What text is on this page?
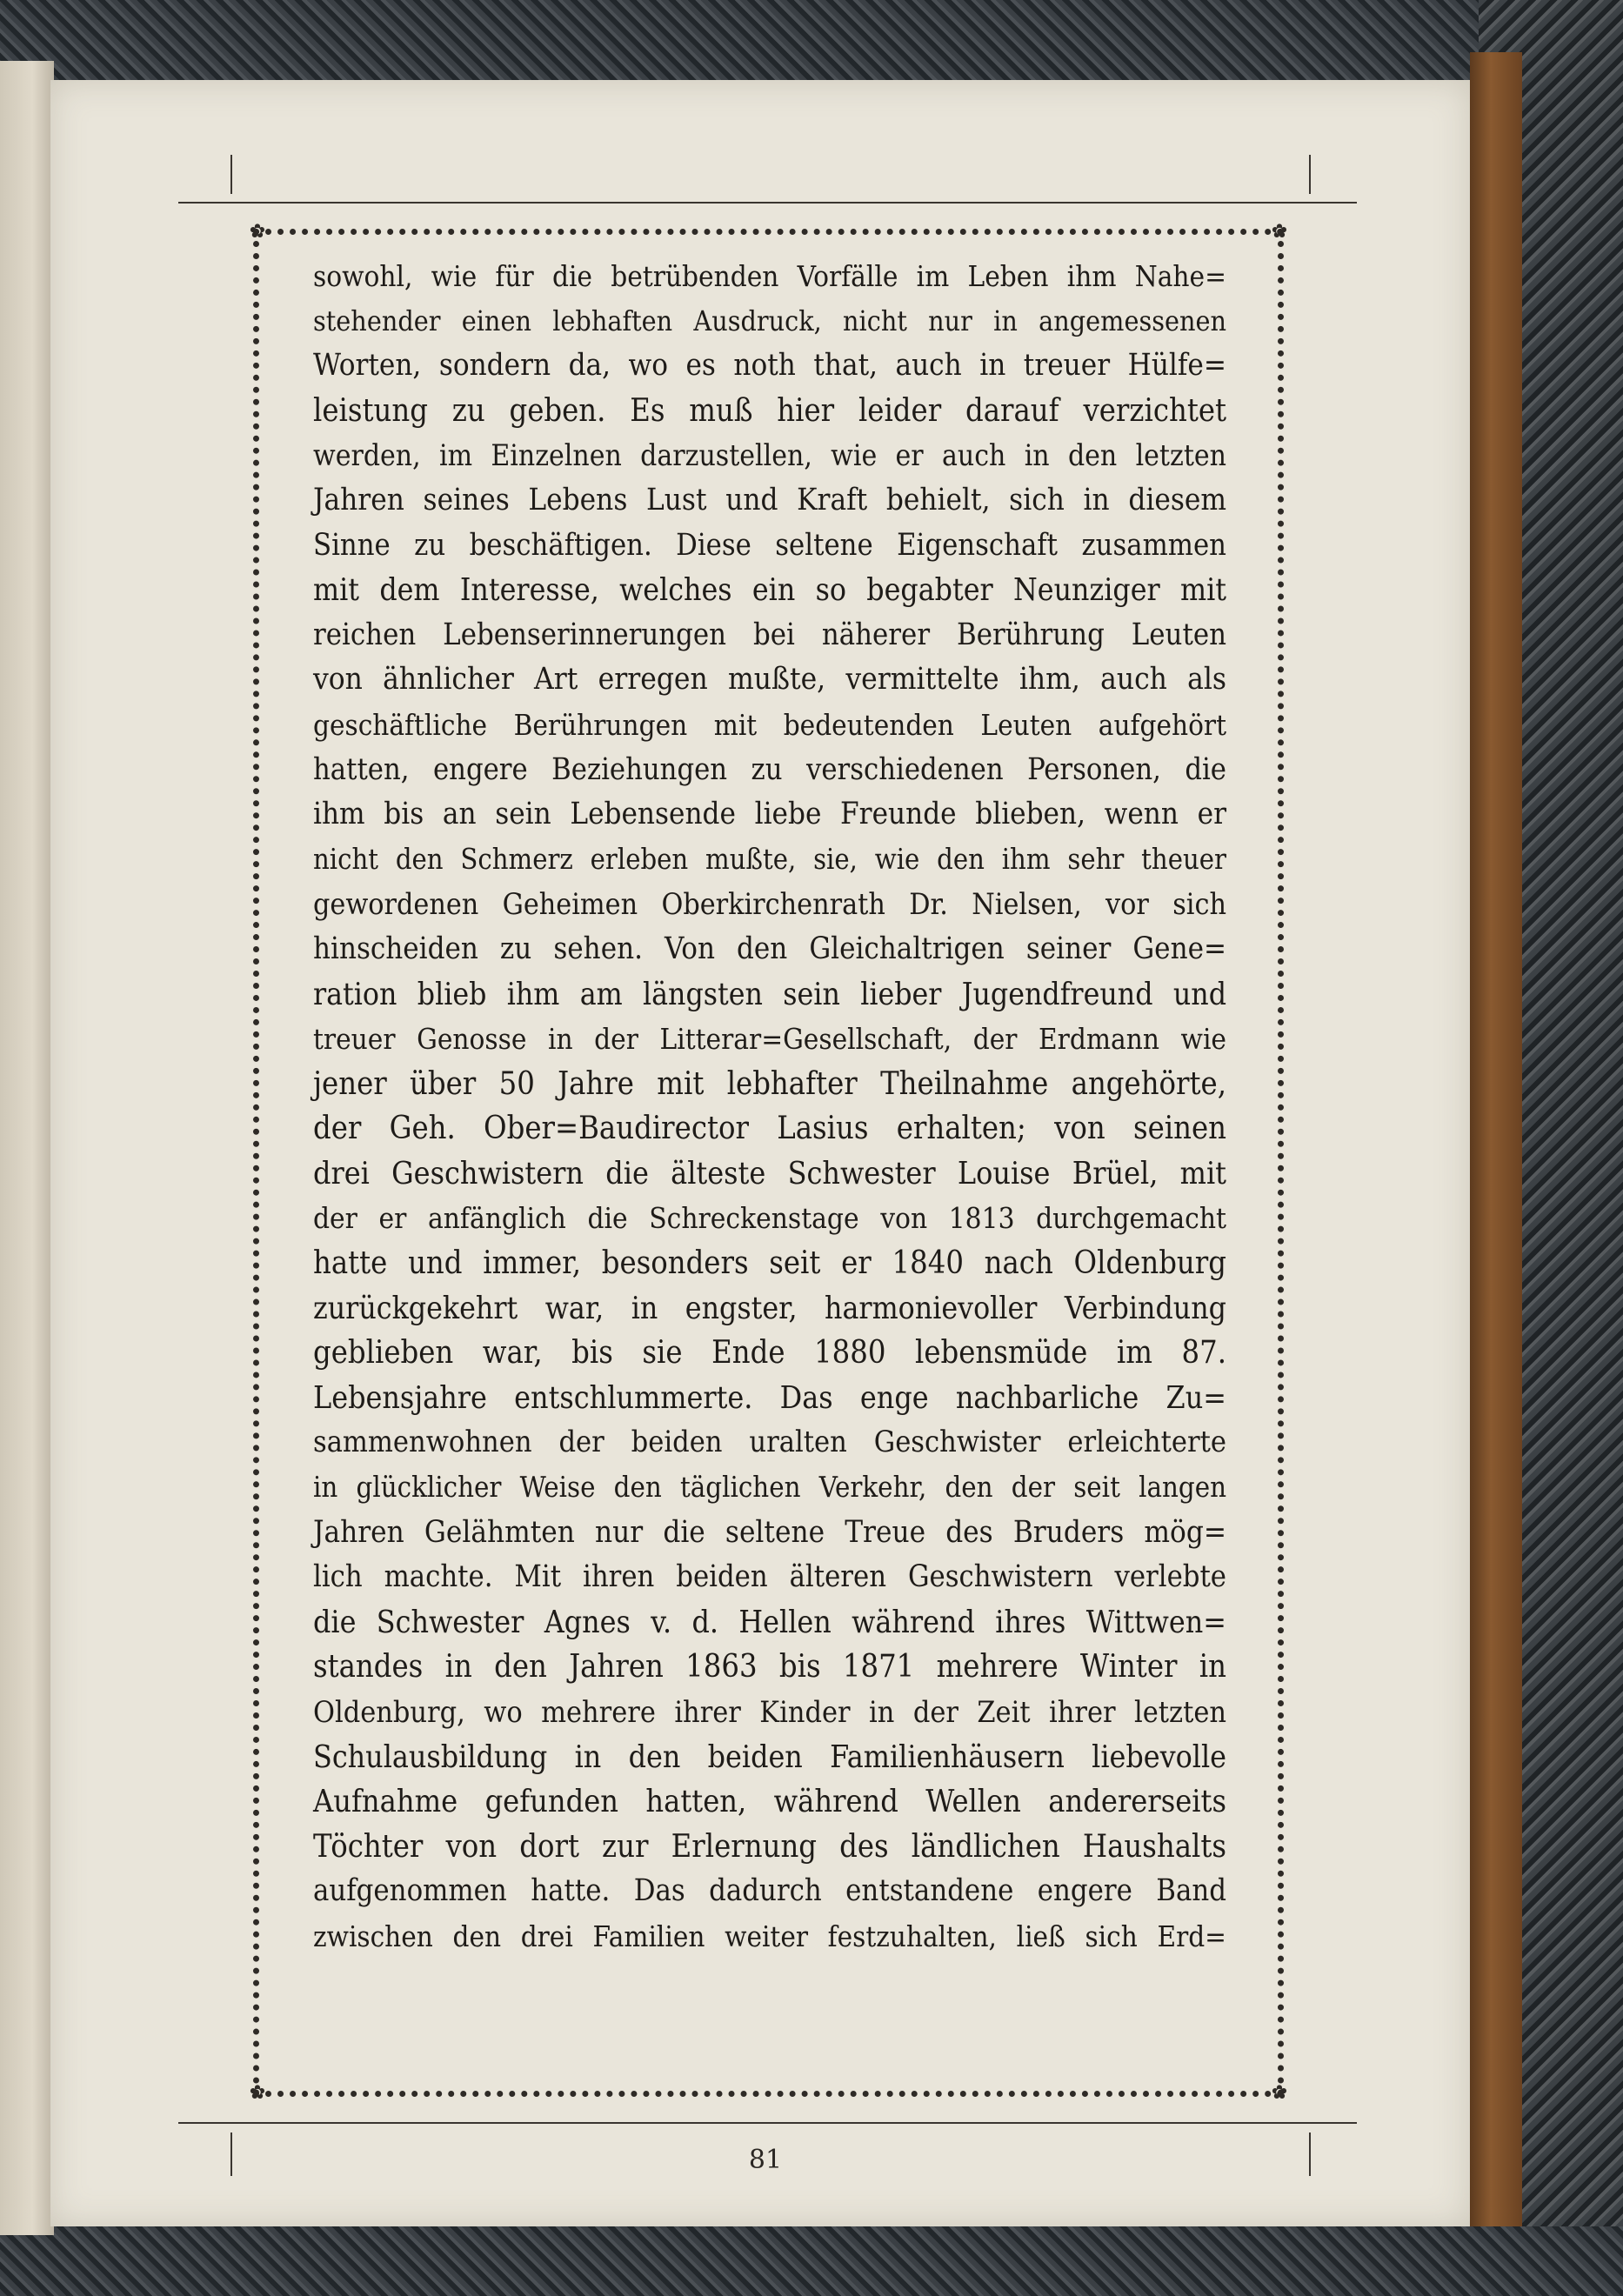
✿	✿
✿	✿
sowohl, wie für die betrübenden Vorfälle im Leben ihm Nahe=
stehender einen lebhaften Ausdruck, nicht nur in angemessenen
Worten, sondern da, wo es noth that, auch in treuer Hülfe=
leistung zu geben. Es muß hier leider darauf verzichtet
werden, im Einzelnen darzustellen, wie er auch in den letzten
Jahren seines Lebens Lust und Kraft behielt, sich in diesem
Sinne zu beschäftigen. Diese seltene Eigenschaft zusammen
mit dem Interesse, welches ein so begabter Neunziger mit
reichen Lebenserinnerungen bei näherer Berührung Leuten
von ähnlicher Art erregen mußte, vermittelte ihm, auch als
geschäftliche Berührungen mit bedeutenden Leuten aufgehört
hatten, engere Beziehungen zu verschiedenen Personen, die
ihm bis an sein Lebensende liebe Freunde blieben, wenn er
nicht den Schmerz erleben mußte, sie, wie den ihm sehr theuer
gewordenen Geheimen Oberkirchenrath Dr. Nielsen, vor sich
hinscheiden zu sehen. Von den Gleichaltrigen seiner Gene=
ration blieb ihm am längsten sein lieber Jugendfreund und
treuer Genosse in der Litterar=Gesellschaft, der Erdmann wie
jener über 50 Jahre mit lebhafter Theilnahme angehörte,
der Geh. Ober=Baudirector Lasius erhalten; von seinen
drei Geschwistern die älteste Schwester Louise Brüel, mit
der er anfänglich die Schreckenstage von 1813 durchgemacht
hatte und immer, besonders seit er 1840 nach Oldenburg
zurückgekehrt war, in engster, harmonievoller Verbindung
geblieben war, bis sie Ende 1880 lebensmüde im 87.
Lebensjahre entschlummerte. Das enge nachbarliche Zu=
sammenwohnen der beiden uralten Geschwister erleichterte
in glücklicher Weise den täglichen Verkehr, den der seit langen
Jahren Gelähmten nur die seltene Treue des Bruders mög=
lich machte. Mit ihren beiden älteren Geschwistern verlebte
die Schwester Agnes v. d. Hellen während ihres Wittwen=
standes in den Jahren 1863 bis 1871 mehrere Winter in
Oldenburg, wo mehrere ihrer Kinder in der Zeit ihrer letzten
Schulausbildung in den beiden Familienhäusern liebevolle
Aufnahme gefunden hatten, während Wellen andererseits
Töchter von dort zur Erlernung des ländlichen Haushalts
aufgenommen hatte. Das dadurch entstandene engere Band
zwischen den drei Familien weiter festzuhalten, ließ sich Erd=
81
